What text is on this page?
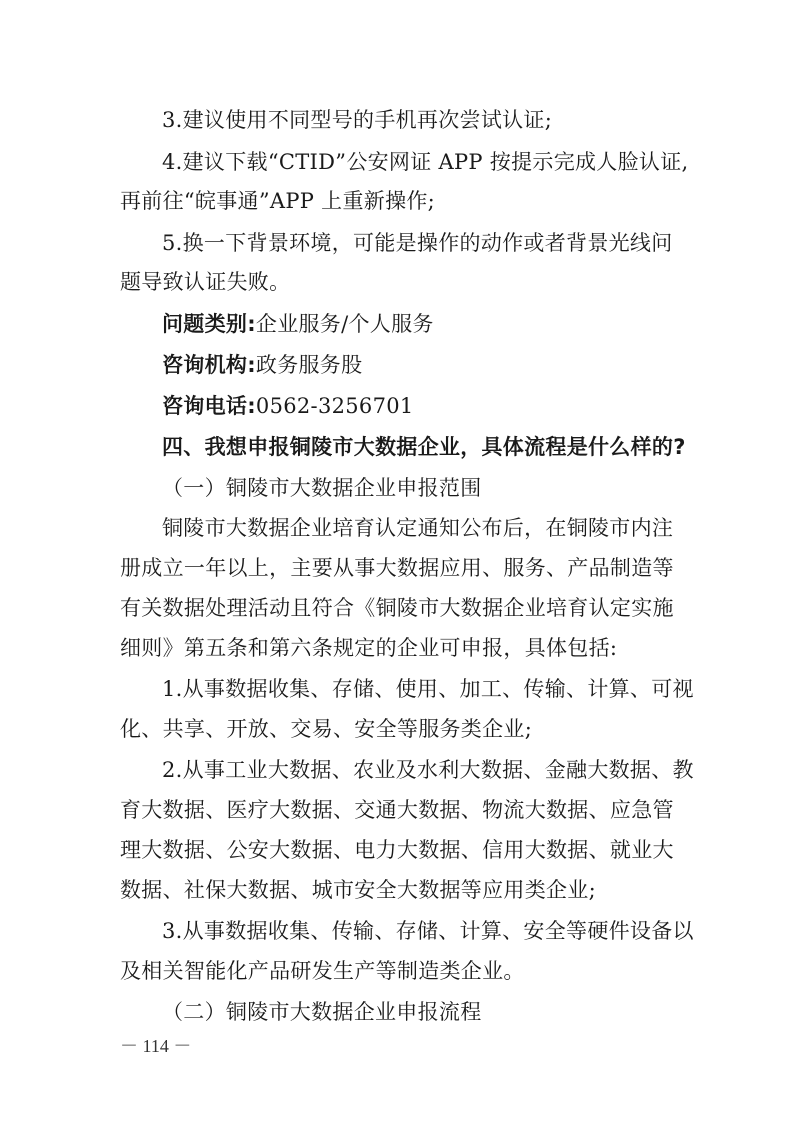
3.建议使用不同型号的手机再次尝试认证;
4.建议下载“CTID”公安网证 APP 按提示完成人脸认证,
再前往“皖事通”APP 上重新操作;
5.换一下背景环境，可能是操作的动作或者背景光线问
题导致认证失败。
问题类别:企业服务/个人服务
咨询机构:政务服务股
咨询电话:0562-3256701
四、我想申报铜陵市大数据企业，具体流程是什么样的?
（一）铜陵市大数据企业申报范围
铜陵市大数据企业培育认定通知公布后，在铜陵市内注
册成立一年以上，主要从事大数据应用、服务、产品制造等
有关数据处理活动且符合《铜陵市大数据企业培育认定实施
细则》第五条和第六条规定的企业可申报，具体包括:
1.从事数据收集、存储、使用、加工、传输、计算、可视
化、共享、开放、交易、安全等服务类企业;
2.从事工业大数据、农业及水利大数据、金融大数据、教
育大数据、医疗大数据、交通大数据、物流大数据、应急管
理大数据、公安大数据、电力大数据、信用大数据、就业大
数据、社保大数据、城市安全大数据等应用类企业;
3.从事数据收集、传输、存储、计算、安全等硬件设备以
及相关智能化产品研发生产等制造类企业。
（二）铜陵市大数据企业申报流程
－ 114 －
